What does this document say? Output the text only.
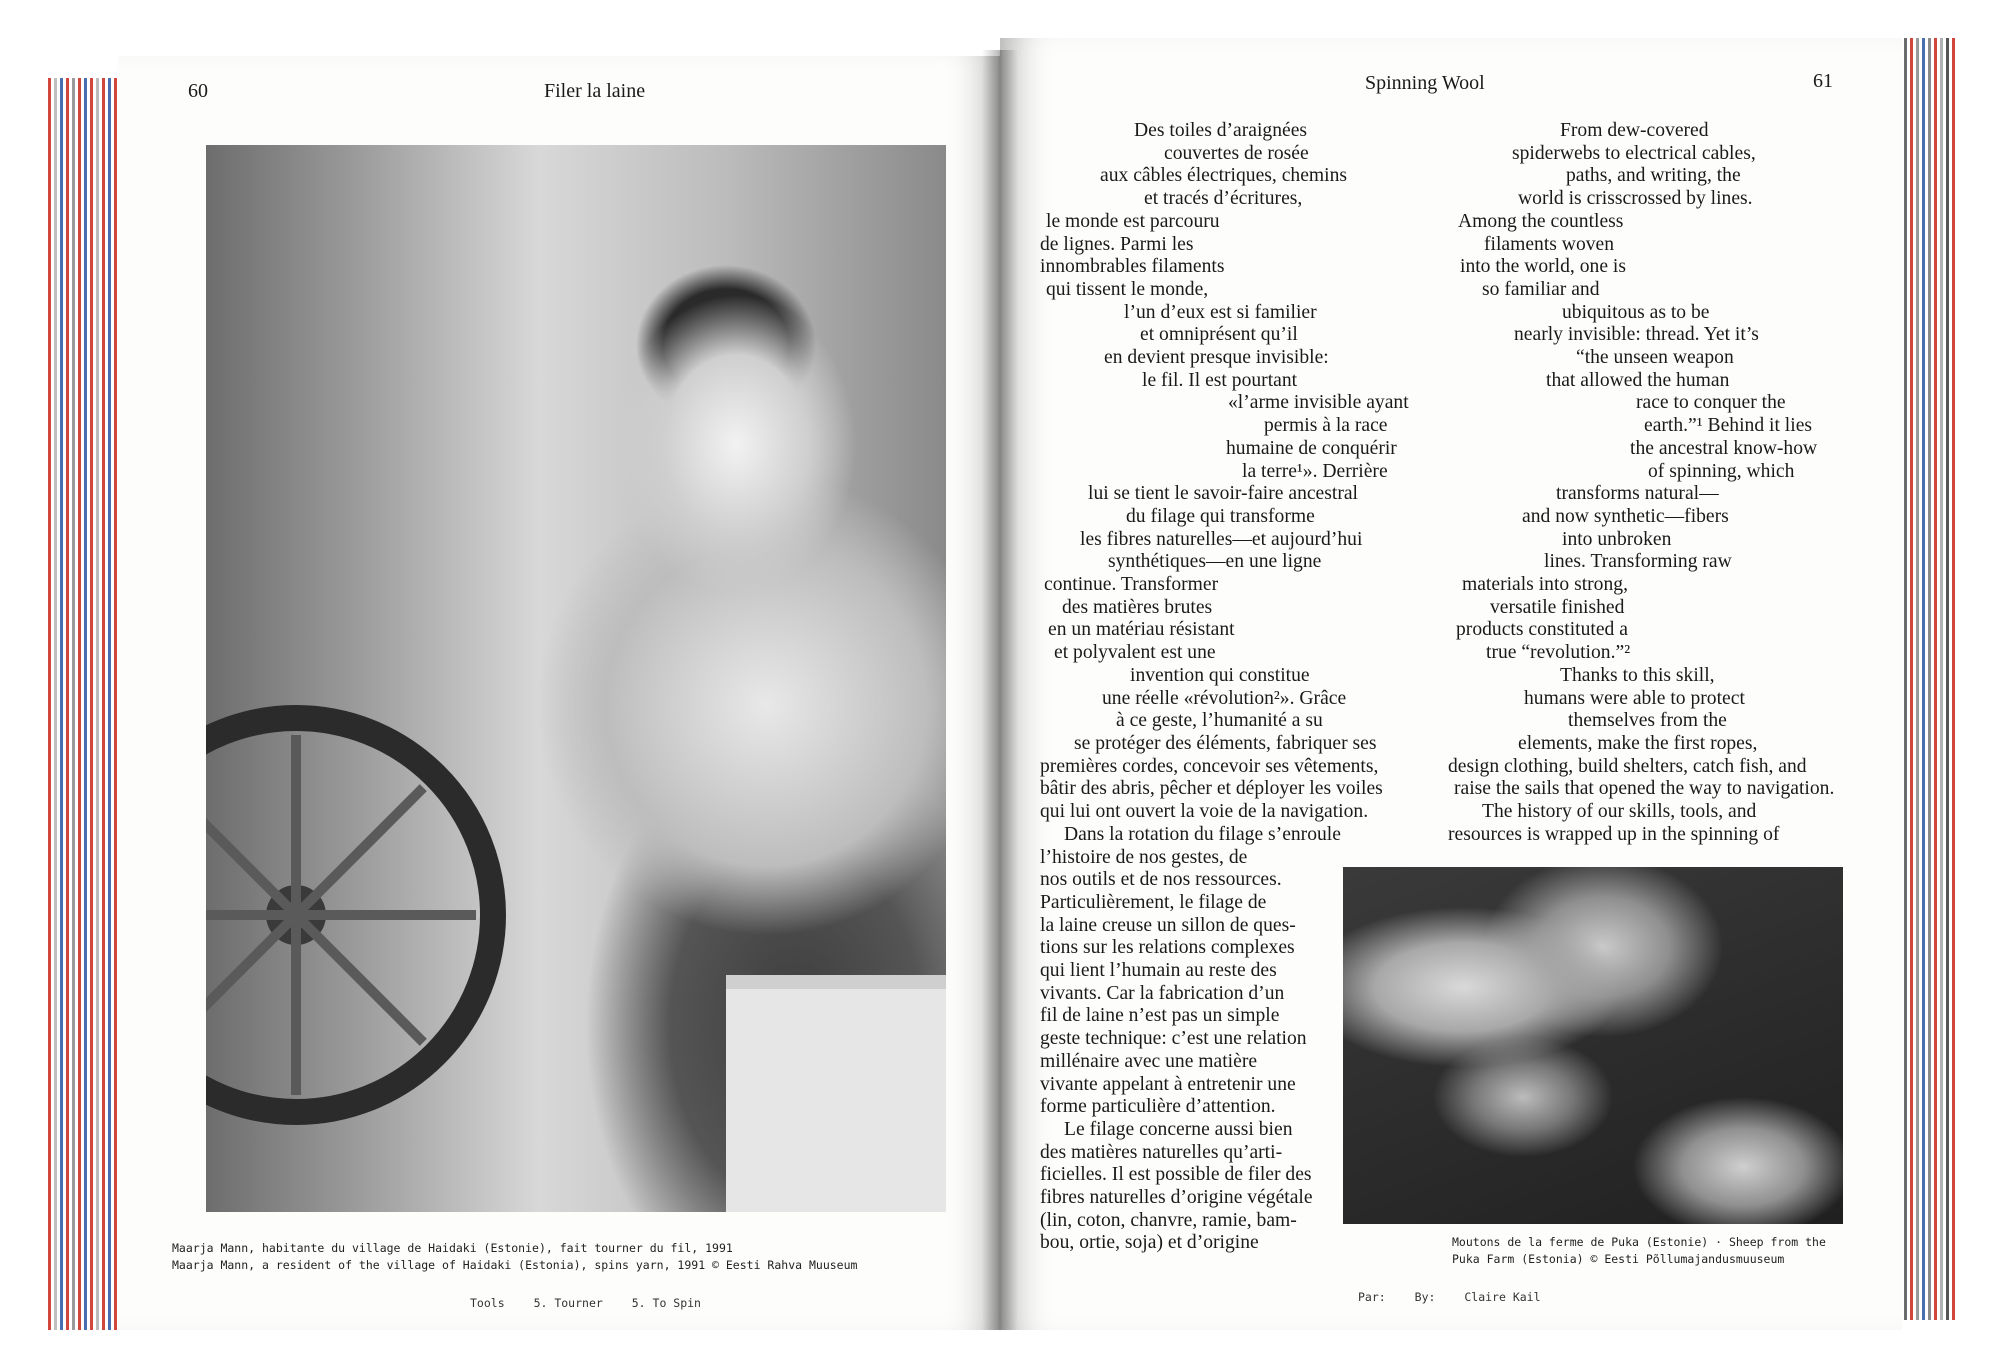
60	Filer la laine	Spinning Wool	61
Maarja Mann, habitante du village de Haidaki (Estonie), fait tourner du fil, 1991
Maarja Mann, a resident of the village of Haidaki (Estonia), spins yarn, 1991 © Eesti Rahva Muuseum
Tools	5. Tourner	5. To Spin
Des toiles d’araignées
couvertes de rosée
aux câbles électriques, chemins
et tracés d’écritures,
le monde est parcouru
de lignes. Parmi les
innombrables filaments
qui tissent le monde,
l’un d’eux est si familier
et omniprésent qu’il
en devient presque invisible:
le fil. Il est pourtant
«l’arme invisible ayant
permis à la race
humaine de conquérir
la terre¹». Derrière
lui se tient le savoir-faire ancestral
du filage qui transforme
les fibres naturelles—et aujourd’hui
synthétiques—en une ligne
continue. Transformer
des matières brutes
en un matériau résistant
et polyvalent est une
invention qui constitue
une réelle «révolution²». Grâce
à ce geste, l’humanité a su
se protéger des éléments, fabriquer ses
premières cordes, concevoir ses vêtements,
bâtir des abris, pêcher et déployer les voiles
qui lui ont ouvert la voie de la navigation.
Dans la rotation du filage s’enroule
l’histoire de nos gestes, de
nos outils et de nos ressources.
Particulièrement, le filage de
la laine creuse un sillon de ques-
tions sur les relations complexes
qui lient l’humain au reste des
vivants. Car la fabrication d’un
fil de laine n’est pas un simple
geste technique: c’est une relation
millénaire avec une matière
vivante appelant à entretenir une
forme particulière d’attention.
Le filage concerne aussi bien
des matières naturelles qu’arti-
ficielles. Il est possible de filer des
fibres naturelles d’origine végétale
(lin, coton, chanvre, ramie, bam-
bou, ortie, soja) et d’origine
From dew-covered
spiderwebs to electrical cables,
paths, and writing, the
world is crisscrossed by lines.
Among the countless
filaments woven
into the world, one is
so familiar and
ubiquitous as to be
nearly invisible: thread. Yet it’s
“the unseen weapon
that allowed the human
race to conquer the
earth.”¹ Behind it lies
the ancestral know-how
of spinning, which
transforms natural—
and now synthetic—fibers
into unbroken
lines. Transforming raw
materials into strong,
versatile finished
products constituted a
true “revolution.”²
Thanks to this skill,
humans were able to protect
themselves from the
elements, make the first ropes,
design clothing, build shelters, catch fish, and
raise the sails that opened the way to navigation.
The history of our skills, tools, and
resources is wrapped up in the spinning of
Moutons de la ferme de Puka (Estonie) · Sheep from the
Puka Farm (Estonia) © Eesti Põllumajandusmuuseum
Par:	By:	Claire Kail
